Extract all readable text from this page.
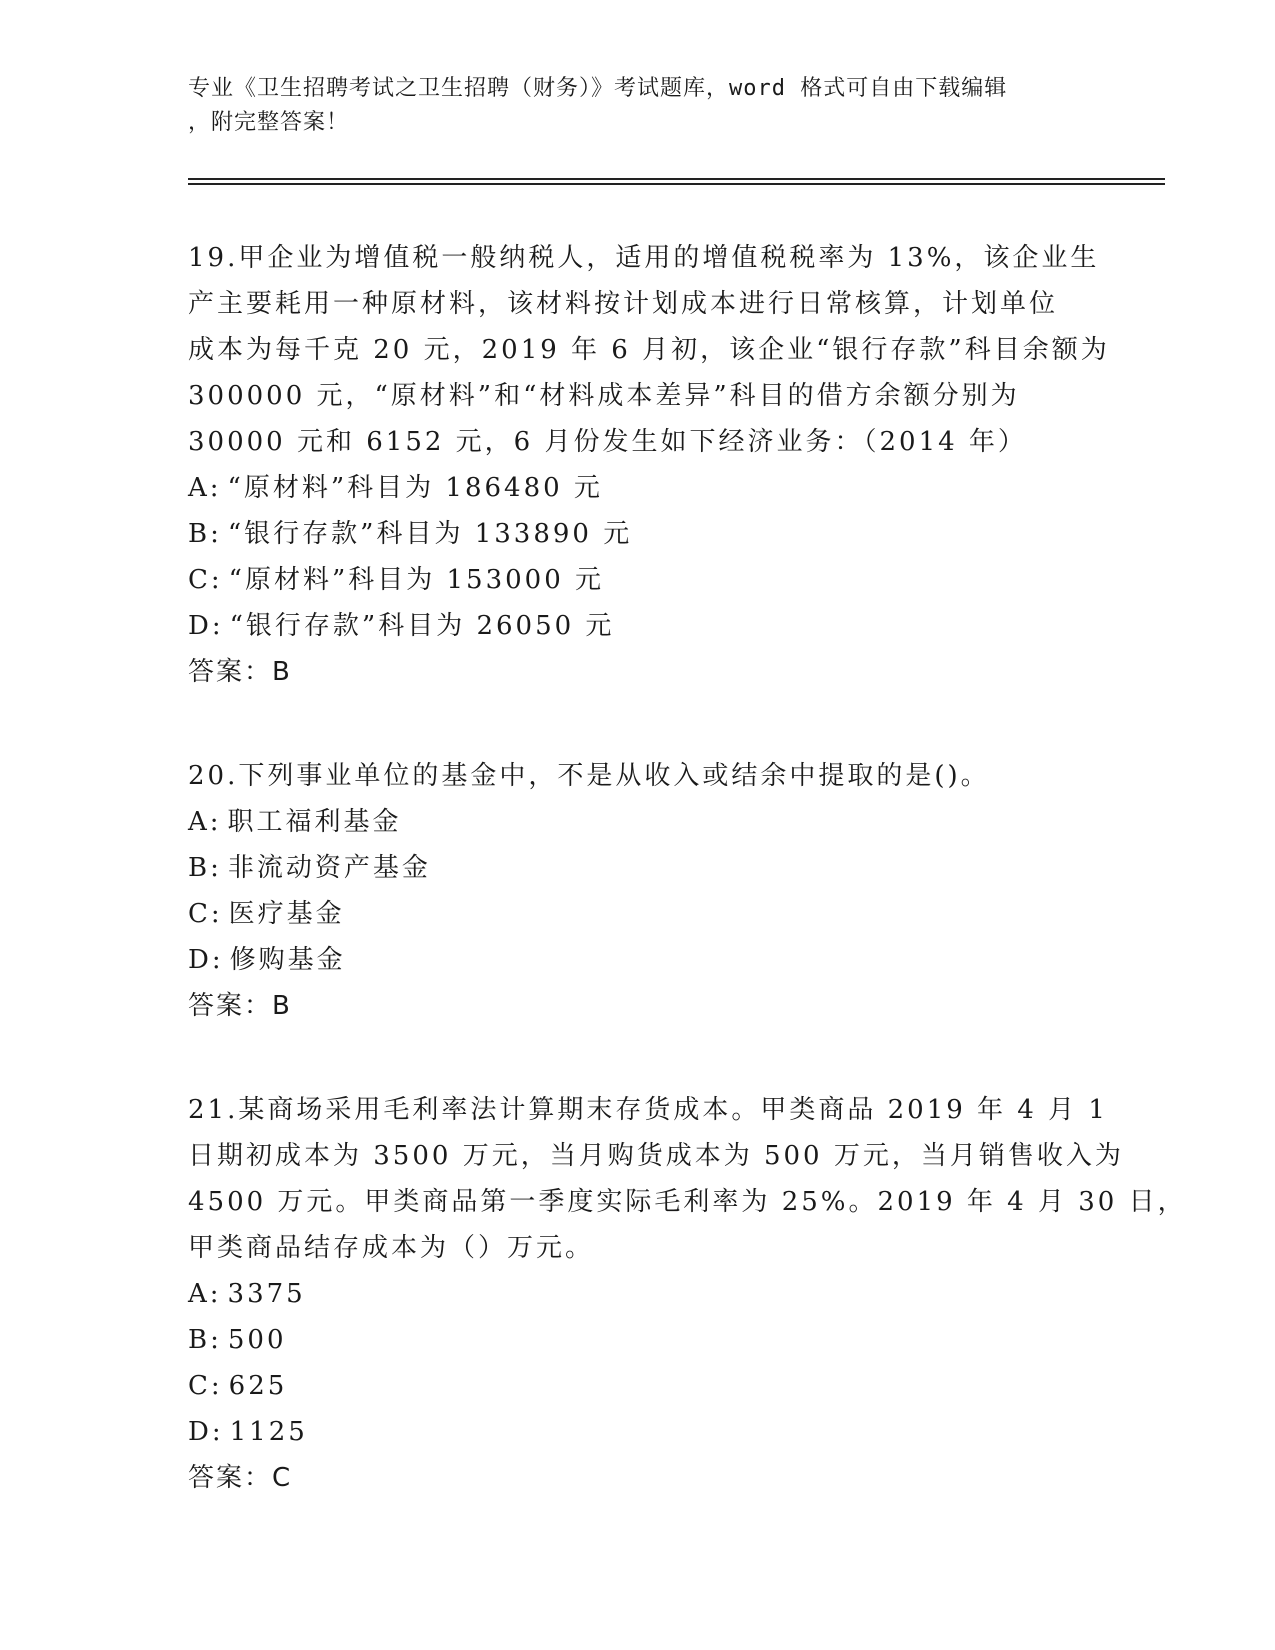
专业《卫生招聘考试之卫生招聘（财务）》考试题库，word 格式可自由下载编辑
，附完整答案！
19.甲企业为增值税一般纳税人，适用的增值税税率为 13%，该企业生
产主要耗用一种原材料，该材料按计划成本进行日常核算，计划单位
成本为每千克 20 元，2019 年 6 月初，该企业“银行存款”科目余额为
300000 元，“原材料”和“材料成本差异”科目的借方余额分别为
30000 元和 6152 元，6 月份发生如下经济业务：（2014 年）
A: “原材料”科目为 186480 元
B: “银行存款”科目为 133890 元
C: “原材料”科目为 153000 元
D: “银行存款”科目为 26050 元
答案：B
20.下列事业单位的基金中，不是从收入或结余中提取的是()。
A: 职工福利基金
B: 非流动资产基金
C: 医疗基金
D: 修购基金
答案：B
21.某商场采用毛利率法计算期末存货成本。甲类商品 2019 年 4 月 1
日期初成本为 3500 万元，当月购货成本为 500 万元，当月销售收入为
4500 万元。甲类商品第一季度实际毛利率为 25%。2019 年 4 月 30 日，
甲类商品结存成本为（）万元。
A: 3375
B: 500
C: 625
D: 1125
答案：C
